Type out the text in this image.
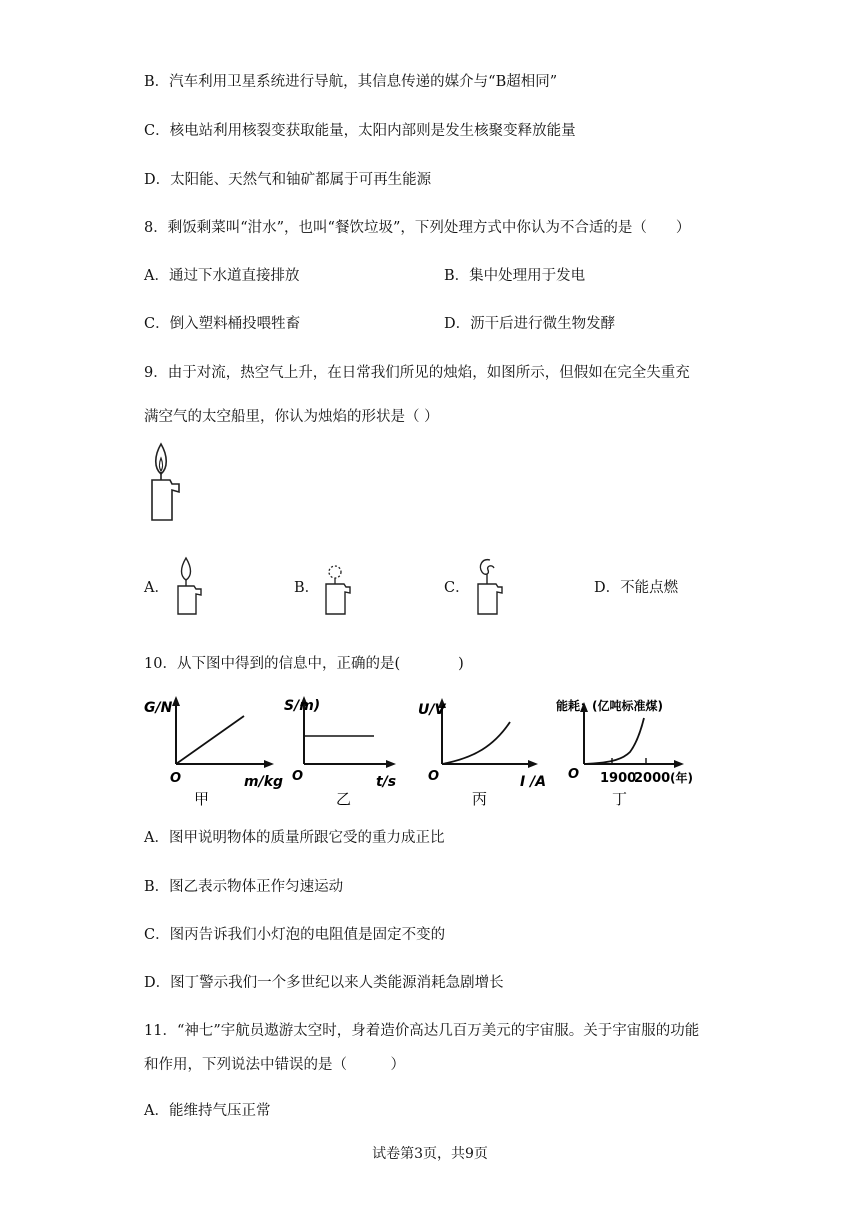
B．汽车利用卫星系统进行导航，其信息传递的媒介与“B超相同”
C．核电站利用核裂变获取能量，太阳内部则是发生核聚变释放能量
D．太阳能、天然气和铀矿都属于可再生能源
8．剩饭剩菜叫“泔水”，也叫“餐饮垃圾”，下列处理方式中你认为不合适的是（　　）
A．通过下水道直接排放	B．集中处理用于发电
C．倒入塑料桶投喂牲畜	D．沥干后进行微生物发酵
9．由于对流，热空气上升，在日常我们所见的烛焰，如图所示，但假如在完全失重充
满空气的太空船里，你认为烛焰的形状是（ ）
A．	B．	C．	D．不能点燃
10．从下图中得到的信息中，正确的是(　　　　)
G/N
O	m/kg
甲
S/m)
O	t/s
乙
U/V
O	I /A
丙
能耗：(亿吨标准煤)
O 1900
2000 (年)
丁
A．图甲说明物体的质量所跟它受的重力成正比
B．图乙表示物体正作匀速运动
C．图丙告诉我们小灯泡的电阻值是固定不变的
D．图丁警示我们一个多世纪以来人类能源消耗急剧增长
11．“神七”宇航员遨游太空时，身着造价高达几百万美元的宇宙服。关于宇宙服的功能
和作用，下列说法中错误的是（　　　）
A．能维持气压正常
试卷第3页，共9页
